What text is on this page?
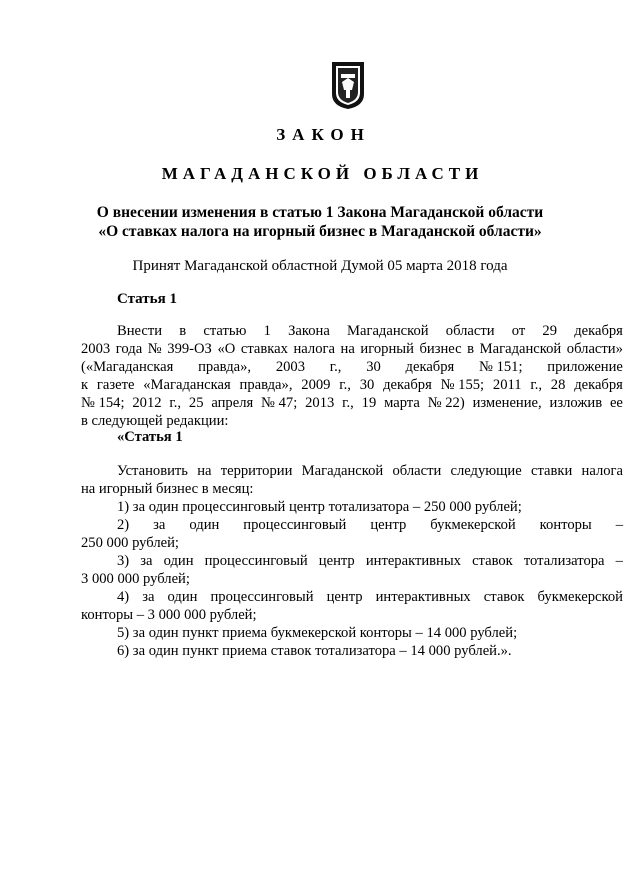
ЗАКОН
МАГАДАНСКОЙ ОБЛАСТИ
О внесении изменения в статью 1 Закона Магаданской области
«О ставках налога на игорный бизнес в Магаданской области»
Принят Магаданской областной Думой 05 марта 2018 года
Статья 1
Внести в статью 1 Закона Магаданской области от 29 декабря
2003 года № 399-ОЗ «О ставках налога на игорный бизнес в Магаданской области»
(«Магаданская правда», 2003 г., 30 декабря № 151; приложение
к газете «Магаданская правда», 2009 г., 30 декабря № 155; 2011 г., 28 декабря
№ 154; 2012 г., 25 апреля № 47; 2013 г., 19 марта № 22) изменение, изложив ее
в следующей редакции:
«Статья 1
Установить на территории Магаданской области следующие ставки налога
на игорный бизнес в месяц:
1) за один процессинговый центр тотализатора – 250 000 рублей;
2) за один процессинговый центр букмекерской конторы –
250 000 рублей;
3) за один процессинговый центр интерактивных ставок тотализатора –
3 000 000 рублей;
4) за один процессинговый центр интерактивных ставок букмекерской
конторы – 3 000 000 рублей;
5) за один пункт приема букмекерской конторы – 14 000 рублей;
6) за один пункт приема ставок тотализатора – 14 000 рублей.».
